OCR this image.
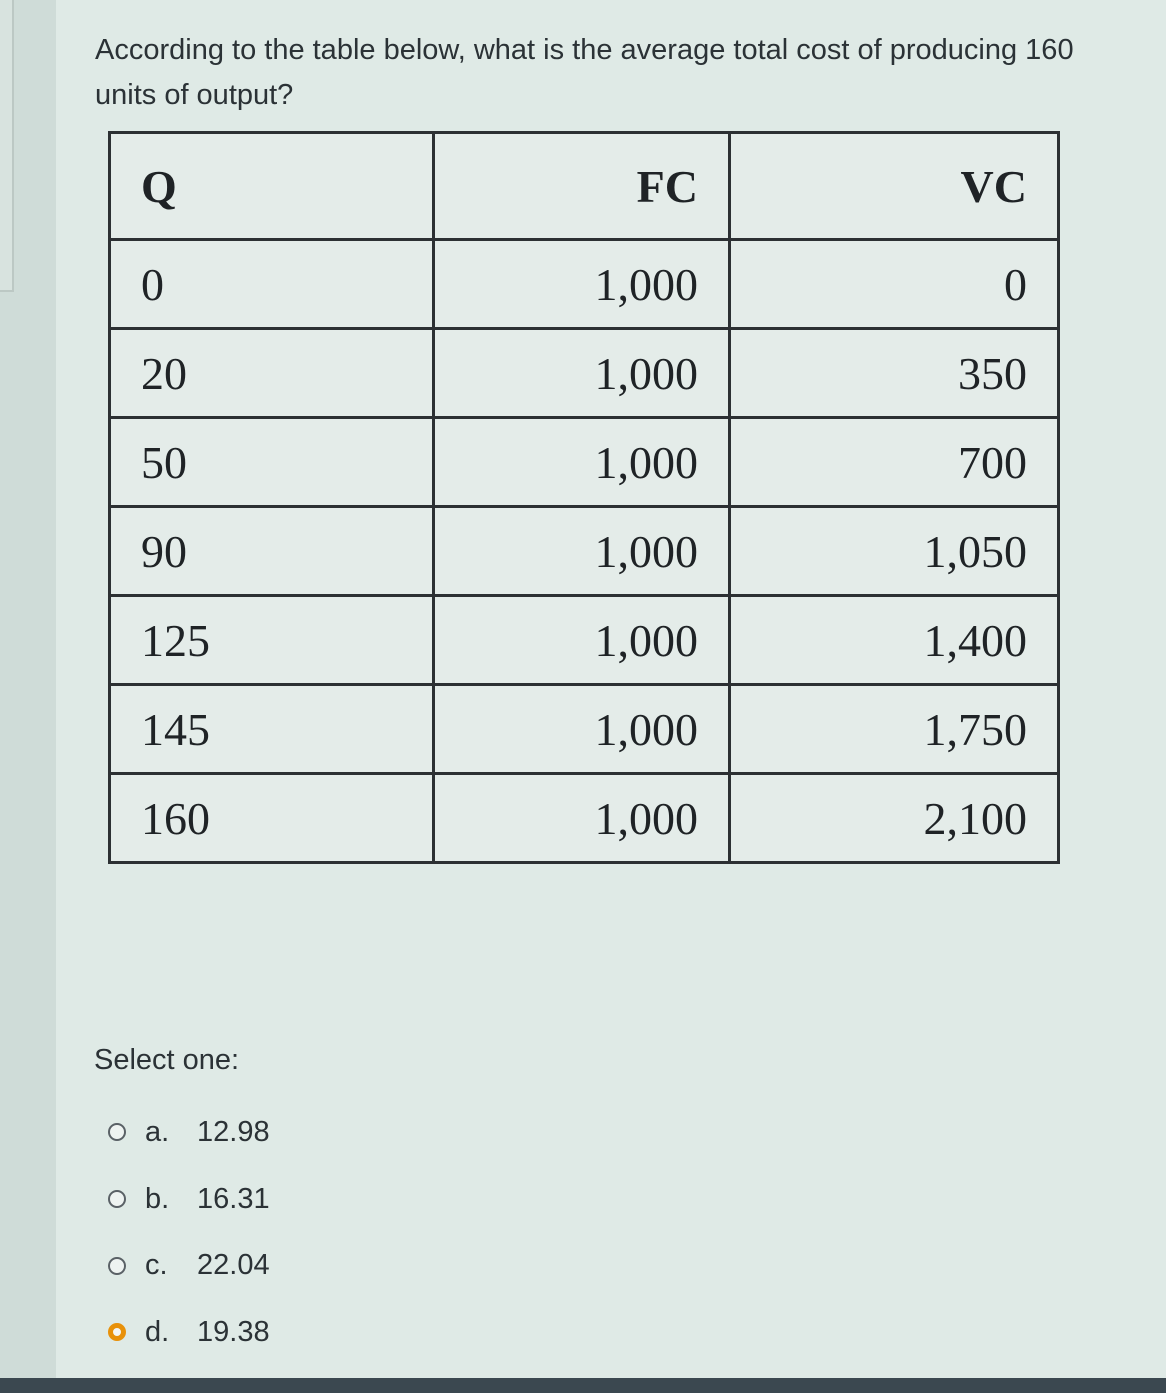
According to the table below, what is the average total cost of producing 160 units of output?
Q	FC	VC
0	1,000	0
20	1,000	350
50	1,000	700
90	1,000	1,050
125	1,000	1,400
145	1,000	1,750
160	1,000	2,100
Select one:
a. 12.98
b. 16.31
c.	22.04
d. 19.38
